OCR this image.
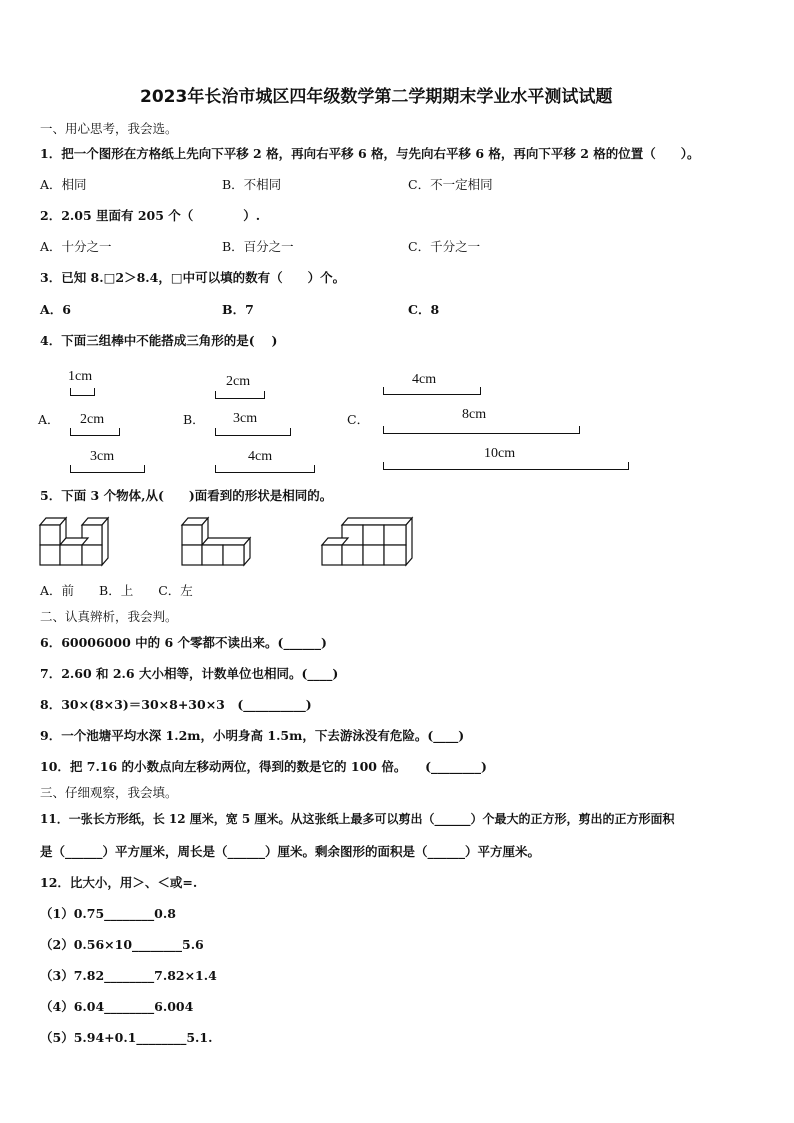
2023年长治市城区四年级数学第二学期期末学业水平测试试题
一、用心思考，我会选。
1．把一个图形在方格纸上先向下平移 2 格，再向右平移 6 格，与先向右平移 6 格，再向下平移 2 格的位置（　　）。
A．相同	B．不相同	C．不一定相同
2．2.05 里面有 205 个（　　　　）.
A．十分之一	B．百分之一	C．千分之一
3．已知 8.□2＞8.4，□中可以填的数有（　　）个。
A．6	B．7	C．8
4．下面三组棒中不能搭成三角形的是(　 )
A．	B．	C．
1cm
2cm
3cm
2cm
3cm
4cm
4cm
8cm
10cm
5．下面 3 个物体,从(　　)面看到的形状是相同的。
A．前　　B．上　　C．左
二、认真辨析，我会判。
6．60006000 中的 6 个零都不读出来。(______)
7．2.60 和 2.6 大小相等，计数单位也相同。(____)
8．30×(8×3)＝30×8+30×3　(__________)
9．一个池塘平均水深 1.2m，小明身高 1.5m，下去游泳没有危险。(____)
10．把 7.16 的小数点向左移动两位，得到的数是它的 100 倍。　　(________)
三、仔细观察，我会填。
11．一张长方形纸，长 12 厘米，宽 5 厘米。从这张纸上最多可以剪出（______）个最大的正方形，剪出的正方形面积
是（______）平方厘米，周长是（______）厘米。剩余图形的面积是（______）平方厘米。
12．比大小，用＞、＜或=.
（1）0.75________0.8
（2）0.56×10________5.6
（3）7.82________7.82×1.4
（4）6.04________6.004
（5）5.94+0.1________5.1.
